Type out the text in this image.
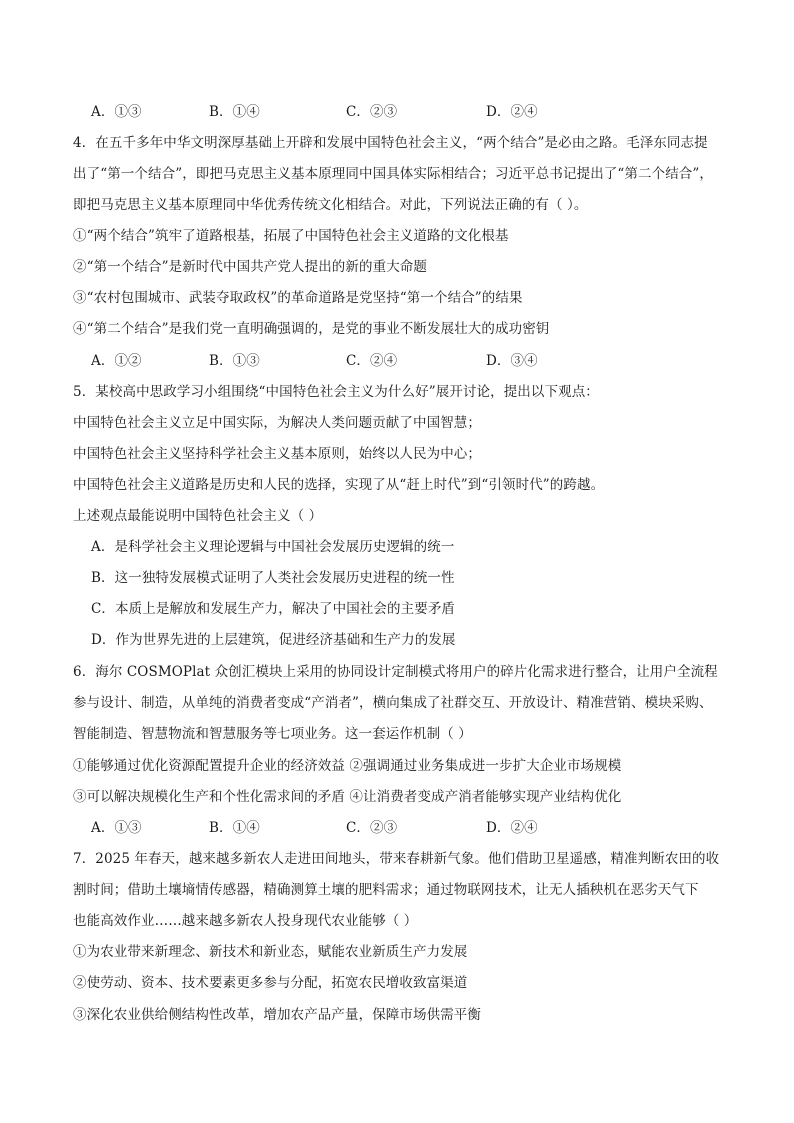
A．①③	B．①④	C．②③	D．②④
4．在五千多年中华文明深厚基础上开辟和发展中国特色社会主义，“两个结合”是必由之路。毛泽东同志提
出了“第一个结合”，即把马克思主义基本原理同中国具体实际相结合；习近平总书记提出了“第二个结合”，
即把马克思主义基本原理同中华优秀传统文化相结合。对此，下列说法正确的有（ ）。
①“两个结合”筑牢了道路根基，拓展了中国特色社会主义道路的文化根基
②“第一个结合”是新时代中国共产党人提出的新的重大命题
③“农村包围城市、武装夺取政权”的革命道路是党坚持“第一个结合”的结果
④“第二个结合”是我们党一直明确强调的，是党的事业不断发展壮大的成功密钥
A．①②	B．①③	C．②④	D．③④
5．某校高中思政学习小组围绕“中国特色社会主义为什么好”展开讨论，提出以下观点：
中国特色社会主义立足中国实际，为解决人类问题贡献了中国智慧；
中国特色社会主义坚持科学社会主义基本原则，始终以人民为中心；
中国特色社会主义道路是历史和人民的选择，实现了从“赶上时代”到“引领时代”的跨越。
上述观点最能说明中国特色社会主义（ ）
A．是科学社会主义理论逻辑与中国社会发展历史逻辑的统一
B．这一独特发展模式证明了人类社会发展历史进程的统一性
C．本质上是解放和发展生产力，解决了中国社会的主要矛盾
D．作为世界先进的上层建筑，促进经济基础和生产力的发展
6．海尔 COSMOPlat 众创汇模块上采用的协同设计定制模式将用户的碎片化需求进行整合，让用户全流程
参与设计、制造，从单纯的消费者变成“产消者”，横向集成了社群交互、开放设计、精准营销、模块采购、
智能制造、智慧物流和智慧服务等七项业务。这一套运作机制（ ）
①能够通过优化资源配置提升企业的经济效益 ②强调通过业务集成进一步扩大企业市场规模
③可以解决规模化生产和个性化需求间的矛盾 ④让消费者变成产消者能够实现产业结构优化
A．①③	B．①④	C．②③	D．②④
7．2025 年春天，越来越多新农人走进田间地头，带来春耕新气象。他们借助卫星遥感，精准判断农田的收
割时间；借助土壤墒情传感器，精确测算土壤的肥料需求；通过物联网技术，让无人插秧机在恶劣天气下
也能高效作业……越来越多新农人投身现代农业能够（ ）
①为农业带来新理念、新技术和新业态，赋能农业新质生产力发展
②使劳动、资本、技术要素更多参与分配，拓宽农民增收致富渠道
③深化农业供给侧结构性改革，增加农产品产量，保障市场供需平衡
